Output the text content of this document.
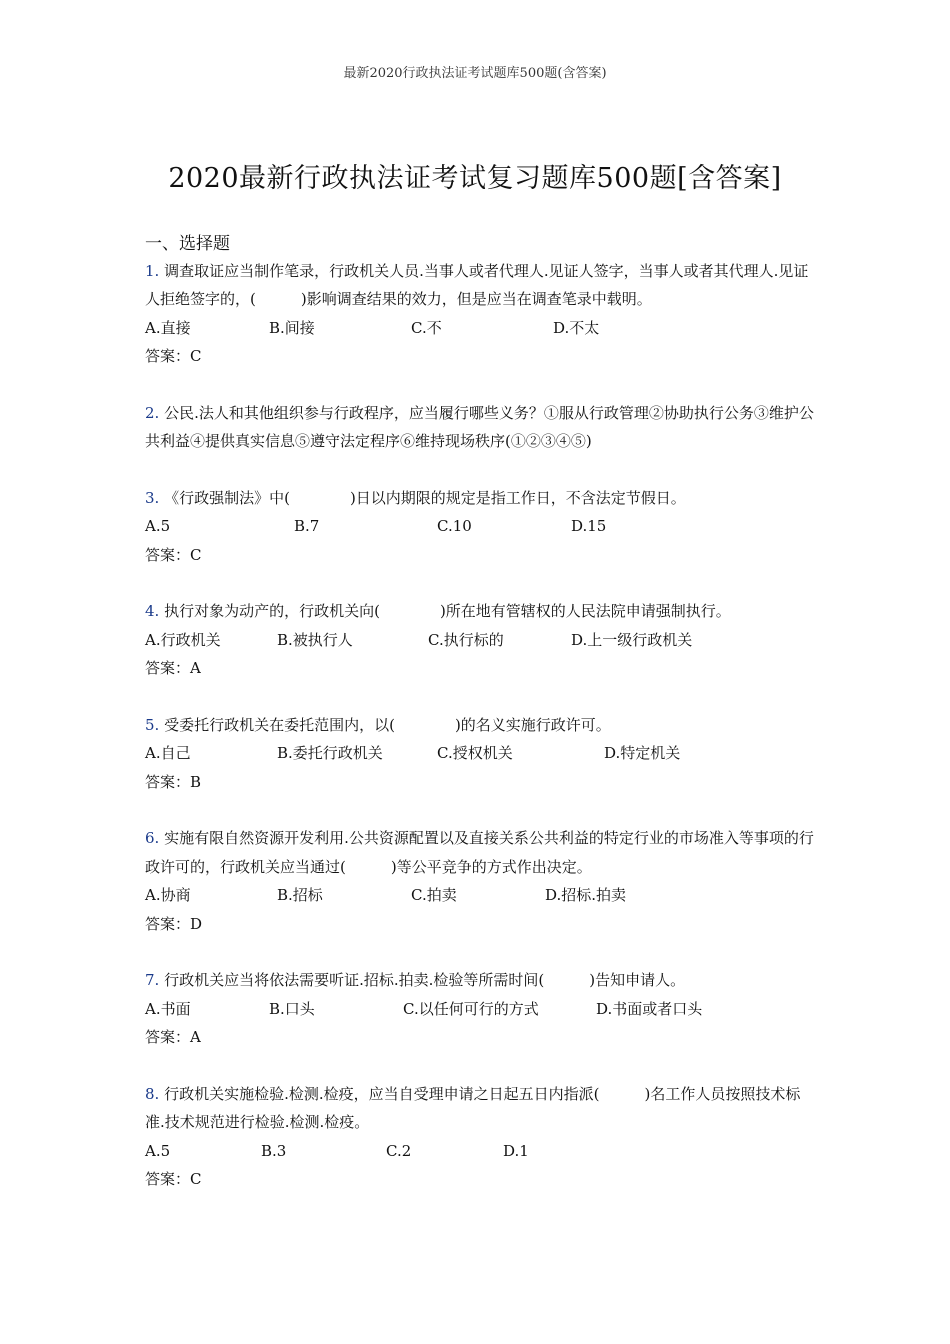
最新2020行政执法证考试题库500题(含答案)
2020最新行政执法证考试复习题库500题[含答案]
一、选择题

1. 调查取证应当制作笔录，行政机关人员.当事人或者代理人.见证人签字，当事人或者其代理人.见证人拒绝签字的，(　　　)影响调查结果的效力，但是应当在调查笔录中载明。

A.直接	B.间接	C.不	D.不太

答案：C

2. 公民.法人和其他组织参与行政程序，应当履行哪些义务？①服从行政管理②协助执行公务③维护公共利益④提供真实信息⑤遵守法定程序⑥维持现场秩序(①②③④⑤)

3. 《行政强制法》中(　　　　)日以内期限的规定是指工作日，不含法定节假日。

A.5	B.7	C.10	D.15

答案：C

4. 执行对象为动产的，行政机关向(　　　　)所在地有管辖权的人民法院申请强制执行。

A.行政机关	B.被执行人	C.执行标的	D.上一级行政机关

答案：A

5. 受委托行政机关在委托范围内，以(　　　　)的名义实施行政许可。

A.自己	B.委托行政机关	C.授权机关	D.特定机关

答案：B

6. 实施有限自然资源开发利用.公共资源配置以及直接关系公共利益的特定行业的市场准入等事项的行政许可的，行政机关应当通过(　　　)等公平竞争的方式作出决定。

A.协商	B.招标	C.拍卖	D.招标.拍卖

答案：D

7. 行政机关应当将依法需要听证.招标.拍卖.检验等所需时间(　　　)告知申请人。

A.书面	B.口头	C.以任何可行的方式	D.书面或者口头

答案：A

8. 行政机关实施检验.检测.检疫，应当自受理申请之日起五日内指派(　　　)名工作人员按照技术标准.技术规范进行检验.检测.检疫。

A.5	B.3	C.2	D.1

答案：C
